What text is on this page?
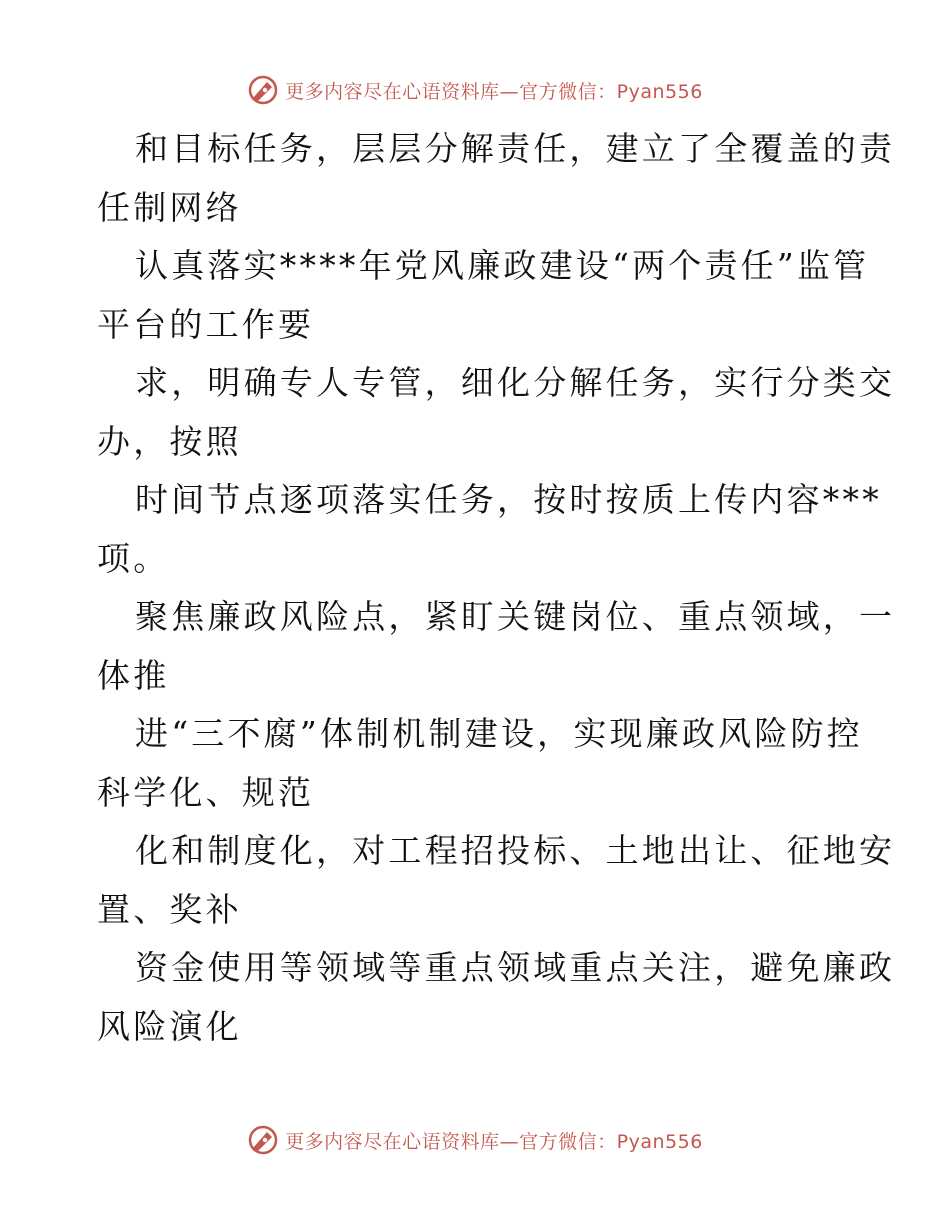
更多内容尽在心语资料库—官方微信：Pyan556
和目标任务，层层分解责任，建立了全覆盖的责
任制网络
认真落实****年党风廉政建设“两个责任”监管
平台的工作要
求，明确专人专管，细化分解任务，实行分类交
办，按照
时间节点逐项落实任务，按时按质上传内容***
项。
聚焦廉政风险点，紧盯关键岗位、重点领域，一
体推
进“三不腐”体制机制建设，实现廉政风险防控
科学化、规范
化和制度化，对工程招投标、土地出让、征地安
置、奖补
资金使用等领域等重点领域重点关注，避免廉政
风险演化
更多内容尽在心语资料库—官方微信：Pyan556
